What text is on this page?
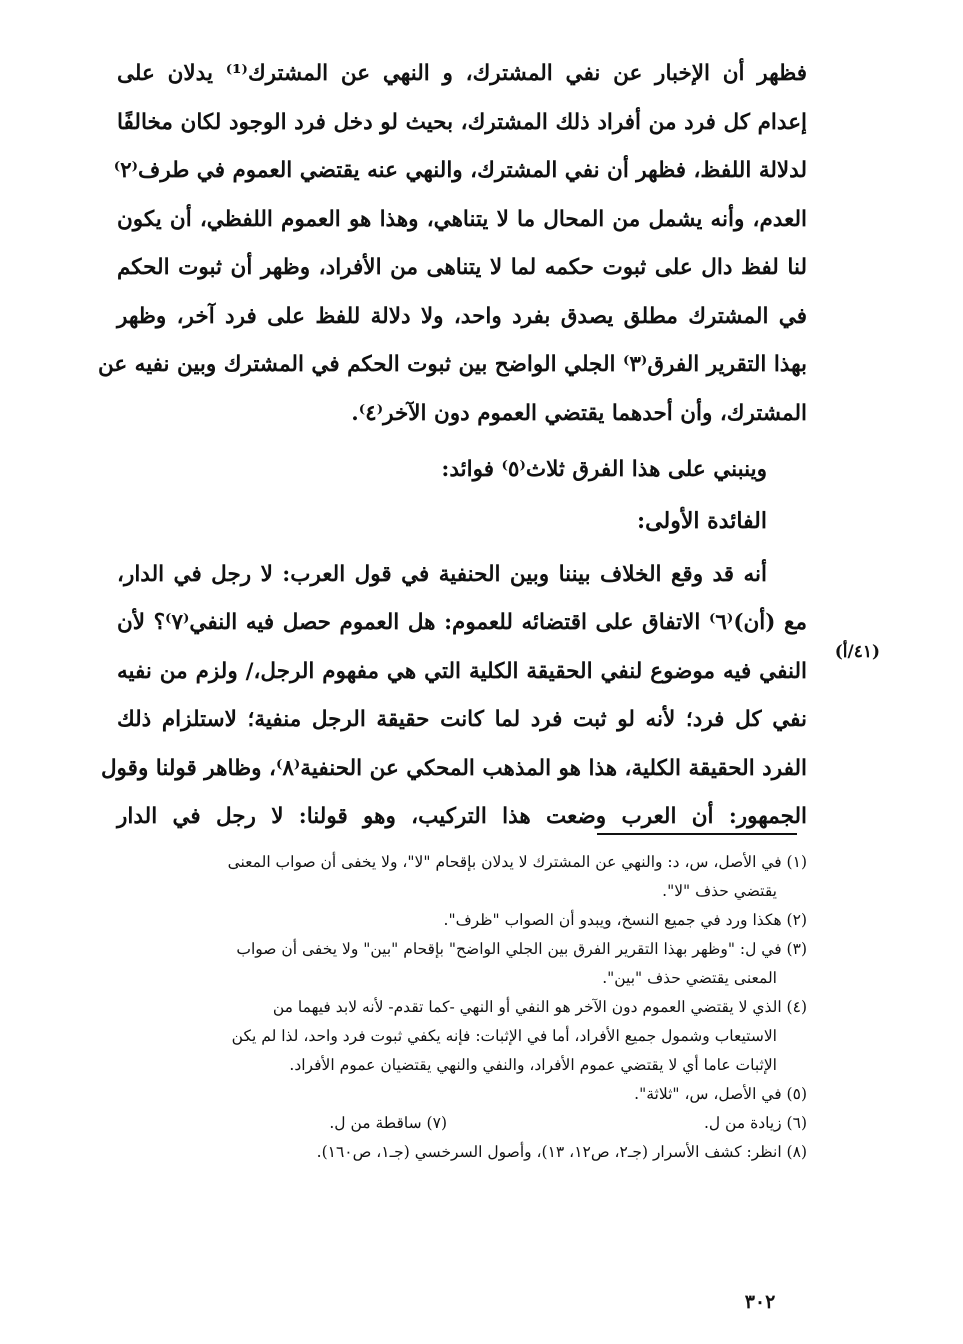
فظهر أن الإخبار عن نفي المشترك، و النهي عن المشترك⁽¹⁾ يدلان على
إعدام كل فرد من أفراد ذلك المشترك، بحيث لو دخل فرد الوجود لكان مخالفًا
لدلالة اللفظ، فظهر أن نفي المشترك، والنهي عنه يقتضي العموم في طرف⁽٢⁾
العدم، وأنه يشمل من المحال ما لا يتناهي، وهذا هو العموم اللفظي، أن يكون
لنا لفظ دال على ثبوت حكمه لما لا يتناهى من الأفراد، وظهر أن ثبوت الحكم
في المشترك مطلق يصدق بفرد واحد، ولا دلالة للفظ على فرد آخر، وظهر
بهذا التقرير الفرق⁽٣⁾ الجلي الواضح بين ثبوت الحكم في المشترك وبين نفيه عن
المشترك، وأن أحدهما يقتضي العموم دون الآخر⁽٤⁾.
وينبني على هذا الفرق ثلاث⁽٥⁾ فوائد:
الفائدة الأولى:
أنه قد وقع الخلاف بيننا وبين الحنفية في قول العرب: لا رجل في الدار،
مع (أن)⁽٦⁾ الاتفاق على اقتضائه للعموم: هل العموم حصل فيه النفي⁽٧⁾؟ لأن
النفي فيه موضوع لنفي الحقيقة الكلية التي هي مفهوم الرجل،/ ولزم من نفيه
نفي كل فرد؛ لأنه لو ثبت فرد لما كانت حقيقة الرجل منفية؛ لاستلزام ذلك
الفرد الحقيقة الكلية، هذا هو المذهب المحكي عن الحنفية⁽٨⁾، وظاهر قولنا وقول
الجمهور: أن العرب وضعت هذا التركيب، وهو قولنا: لا رجل في الدار
(٤١/أ)
(١) في الأصل، س، د: والنهي عن المشترك لا يدلان بإقحام "لا"، ولا يخفى أن صواب المعنى
يقتضي حذف "لا".
(٢) هكذا ورد في جميع النسخ، ويبدو أن الصواب "ظرف".
(٣) في ل: "وظهر بهذا التقرير الفرق بين الجلي الواضح" بإقحام "بين" ولا يخفى أن صواب
المعنى يقتضي حذف "بين".
(٤) الذي لا يقتضي العموم دون الآخر هو النفي أو النهي -كما تقدم- لأنه لابد فيهما من
الاستيعاب وشمول جميع الأفراد، أما في الإثبات: فإنه يكفي ثبوت فرد واحد، لذا لم يكن
الإثبات عاما أي لا يقتضي عموم الأفراد، والنفي والنهي يقتضيان عموم الأفراد.
(٥) في الأصل، س، "ثلاثة".
(٦) زيادة من ل.
(٧) ساقطة من ل.
(٨) انظر: كشف الأسرار (جـ٢، ص١٢، ١٣)، وأصول السرخسي (جـ١، ص١٦٠).
٣٠٢
